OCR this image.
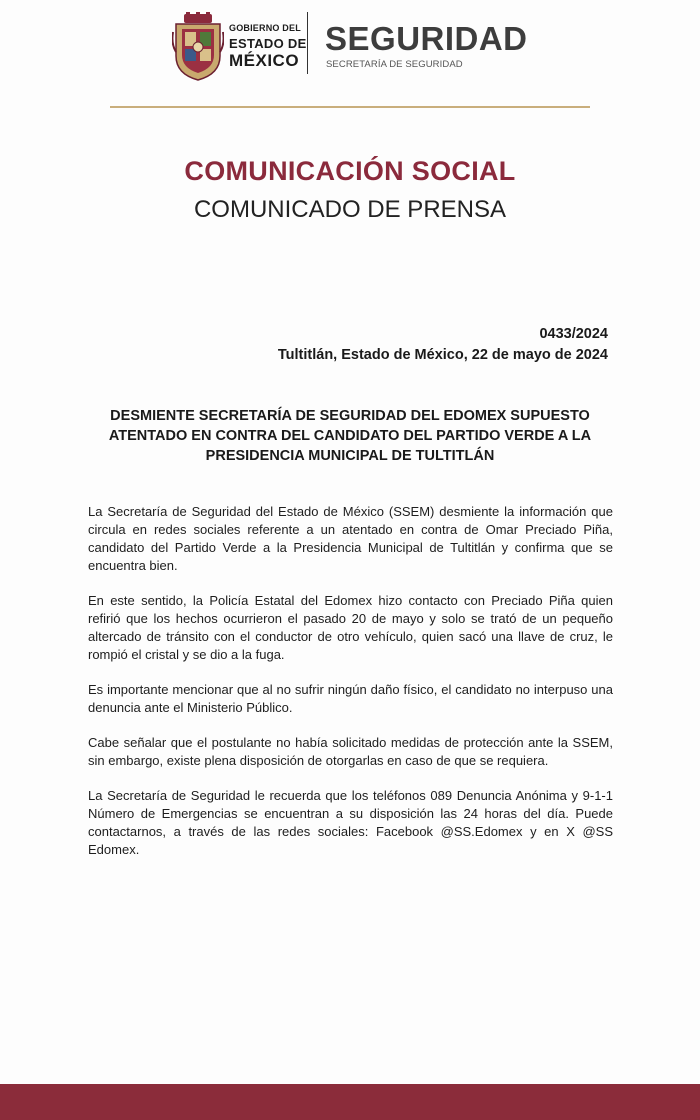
GOBIERNO DEL
ESTADO DE
MÉXICO
SEGURIDAD
SECRETARÍA DE SEGURIDAD
COMUNICACIÓN SOCIAL
COMUNICADO DE PRENSA
0433/2024
Tultitlán, Estado de México, 22 de mayo de 2024
DESMIENTE SECRETARÍA DE SEGURIDAD DEL EDOMEX SUPUESTO ATENTADO EN CONTRA DEL CANDIDATO DEL PARTIDO VERDE A LA PRESIDENCIA MUNICIPAL DE TULTITLÁN

La Secretaría de Seguridad del Estado de México (SSEM) desmiente la información que circula en redes sociales referente a un atentado en contra de Omar Preciado Piña, candidato del Partido Verde a la Presidencia Municipal de Tultitlán y confirma que se encuentra bien.

En este sentido, la Policía Estatal del Edomex hizo contacto con Preciado Piña quien refirió que los hechos ocurrieron el pasado 20 de mayo y solo se trató de un pequeño altercado de tránsito con el conductor de otro vehículo, quien sacó una llave de cruz, le rompió el cristal y se dio a la fuga.

Es importante mencionar que al no sufrir ningún daño físico, el candidato no interpuso una denuncia ante el Ministerio Público.

Cabe señalar que el postulante no había solicitado medidas de protección ante la SSEM, sin embargo, existe plena disposición de otorgarlas en caso de que se requiera.

La Secretaría de Seguridad le recuerda que los teléfonos 089 Denuncia Anónima y 9-1-1 Número de Emergencias se encuentran a su disposición las 24 horas del día. Puede contactarnos, a través de las redes sociales: Facebook @SS.Edomex y en X @SS Edomex.
